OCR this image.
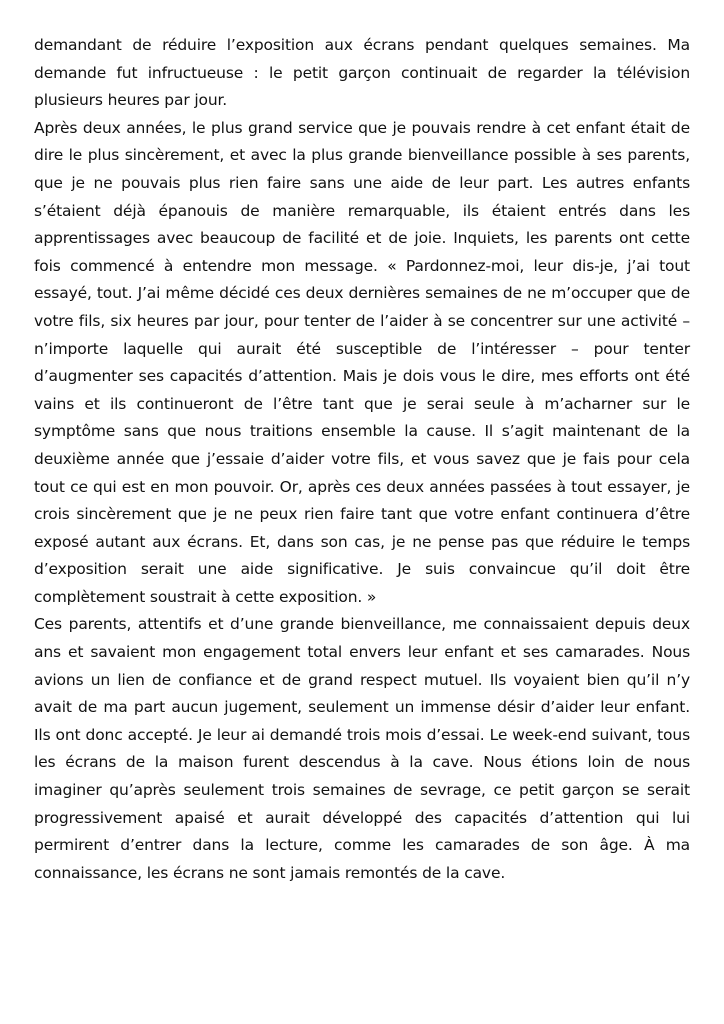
demandant de réduire l’exposition aux écrans pendant quelques semaines. Ma demande fut infructueuse : le petit garçon continuait de regarder la télévision plusieurs heures par jour.

Après deux années, le plus grand service que je pouvais rendre à cet enfant était de dire le plus sincèrement, et avec la plus grande bienveillance possible à ses parents, que je ne pouvais plus rien faire sans une aide de leur part. Les autres enfants s’étaient déjà épanouis de manière remarquable, ils étaient entrés dans les apprentissages avec beaucoup de facilité et de joie. Inquiets, les parents ont cette fois commencé à entendre mon message. « Pardonnez-moi, leur dis-je, j’ai tout essayé, tout. J’ai même décidé ces deux dernières semaines de ne m’occuper que de votre fils, six heures par jour, pour tenter de l’aider à se concentrer sur une activité – n’importe laquelle qui aurait été susceptible de l’intéresser – pour tenter d’augmenter ses capacités d’attention. Mais je dois vous le dire, mes efforts ont été vains et ils continueront de l’être tant que je serai seule à m’acharner sur le symptôme sans que nous traitions ensemble la cause. Il s’agit maintenant de la deuxième année que j’essaie d’aider votre fils, et vous savez que je fais pour cela tout ce qui est en mon pouvoir. Or, après ces deux années passées à tout essayer, je crois sincèrement que je ne peux rien faire tant que votre enfant continuera d’être exposé autant aux écrans. Et, dans son cas, je ne pense pas que réduire le temps d’exposition serait une aide significative. Je suis convaincue qu’il doit être complètement soustrait à cette exposition. »

Ces parents, attentifs et d’une grande bienveillance, me connaissaient depuis deux ans et savaient mon engagement total envers leur enfant et ses camarades. Nous avions un lien de confiance et de grand respect mutuel. Ils voyaient bien qu’il n’y avait de ma part aucun jugement, seulement un immense désir d’aider leur enfant. Ils ont donc accepté. Je leur ai demandé trois mois d’essai. Le week-end suivant, tous les écrans de la maison furent descendus à la cave. Nous étions loin de nous imaginer qu’après seulement trois semaines de sevrage, ce petit garçon se serait progressivement apaisé et aurait développé des capacités d’attention qui lui permirent d’entrer dans la lecture, comme les camarades de son âge. À ma connaissance, les écrans ne sont jamais remontés de la cave.
